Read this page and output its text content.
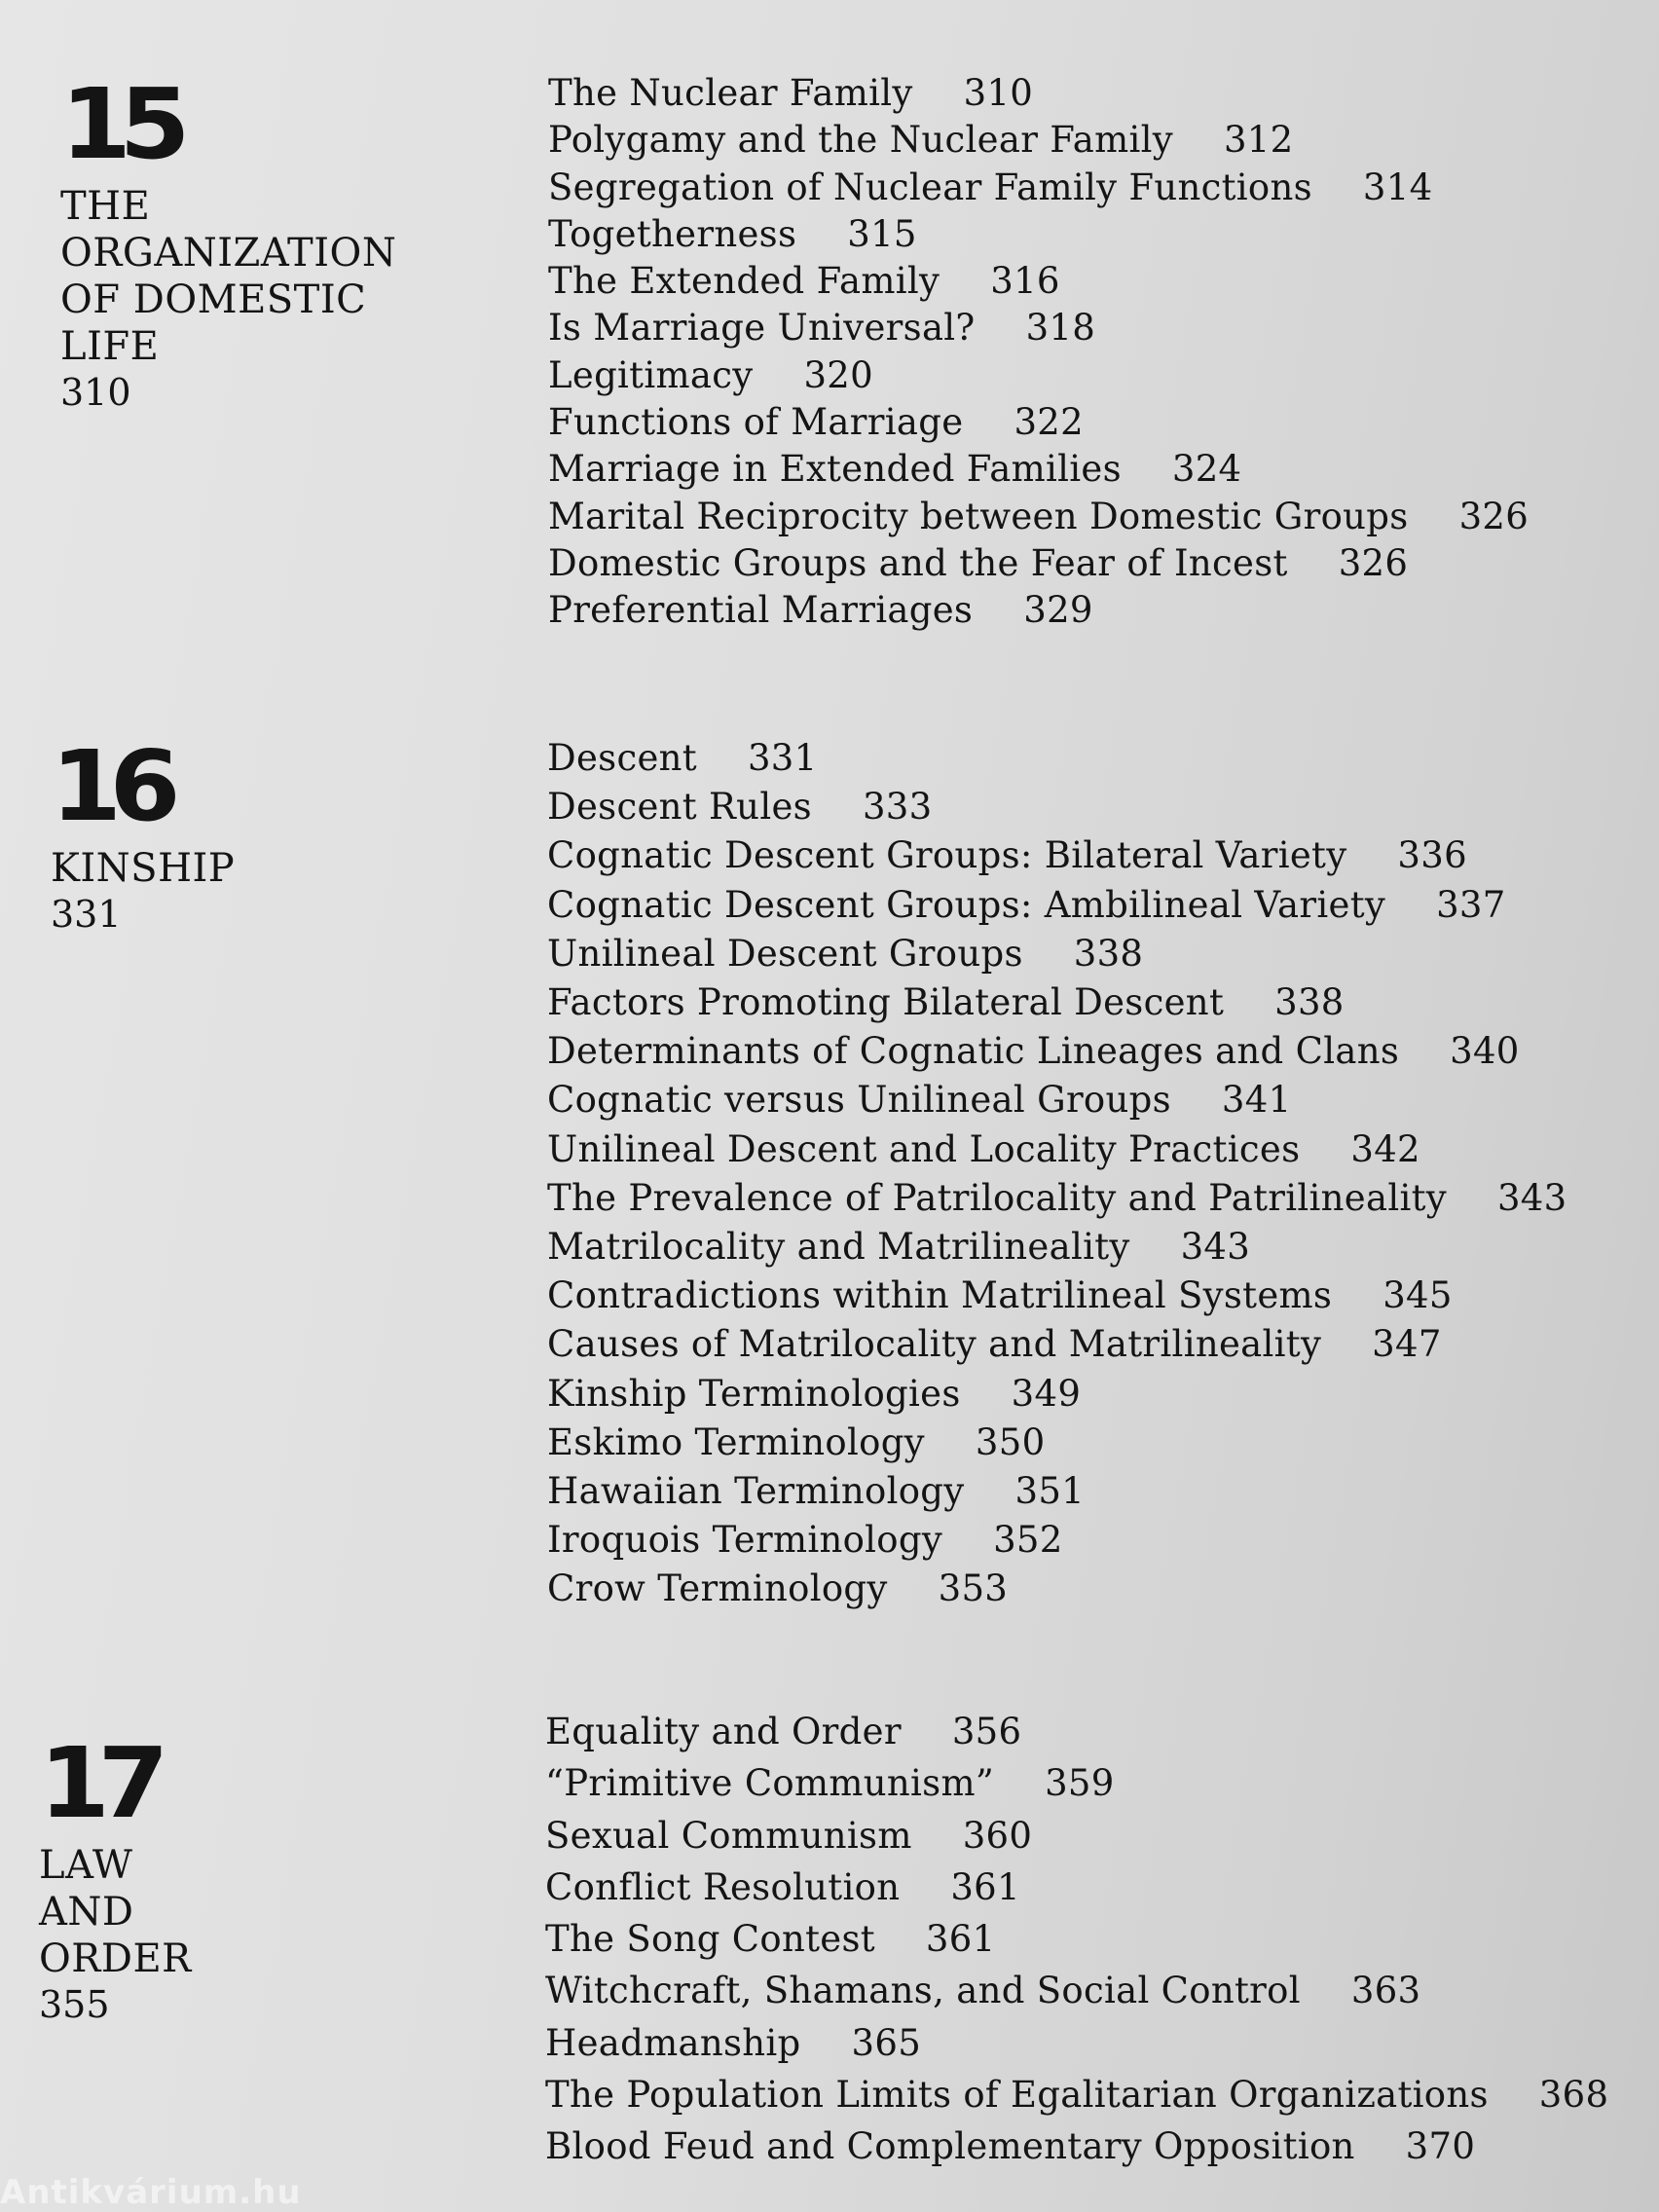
15
THE ORGANIZATION
OF DOMESTIC LIFE
310
The Nuclear Family 310
Polygamy and the Nuclear Family 312
Segregation of Nuclear Family Functions 314
Togetherness 315
The Extended Family 316
Is Marriage Universal? 318
Legitimacy 320
Functions of Marriage 322
Marriage in Extended Families 324
Marital Reciprocity between Domestic Groups 326
Domestic Groups and the Fear of Incest 326
Preferential Marriages 329
16
KINSHIP
331
Descent 331
Descent Rules 333
Cognatic Descent Groups: Bilateral Variety 336
Cognatic Descent Groups: Ambilineal Variety 337
Unilineal Descent Groups 338
Factors Promoting Bilateral Descent 338
Determinants of Cognatic Lineages and Clans 340
Cognatic versus Unilineal Groups 341
Unilineal Descent and Locality Practices 342
The Prevalence of Patrilocality and Patrilineality 343
Matrilocality and Matrilineality 343
Contradictions within Matrilineal Systems 345
Causes of Matrilocality and Matrilineality 347
Kinship Terminologies 349
Eskimo Terminology 350
Hawaiian Terminology 351
Iroquois Terminology 352
Crow Terminology 353
17
LAW AND ORDER
355
Equality and Order 356
“Primitive Communism” 359
Sexual Communism 360
Conflict Resolution 361
The Song Contest 361
Witchcraft, Shamans, and Social Control 363
Headmanship 365
The Population Limits of Egalitarian Organizations 368
Blood Feud and Complementary Opposition 370
Antikvárium.hu
